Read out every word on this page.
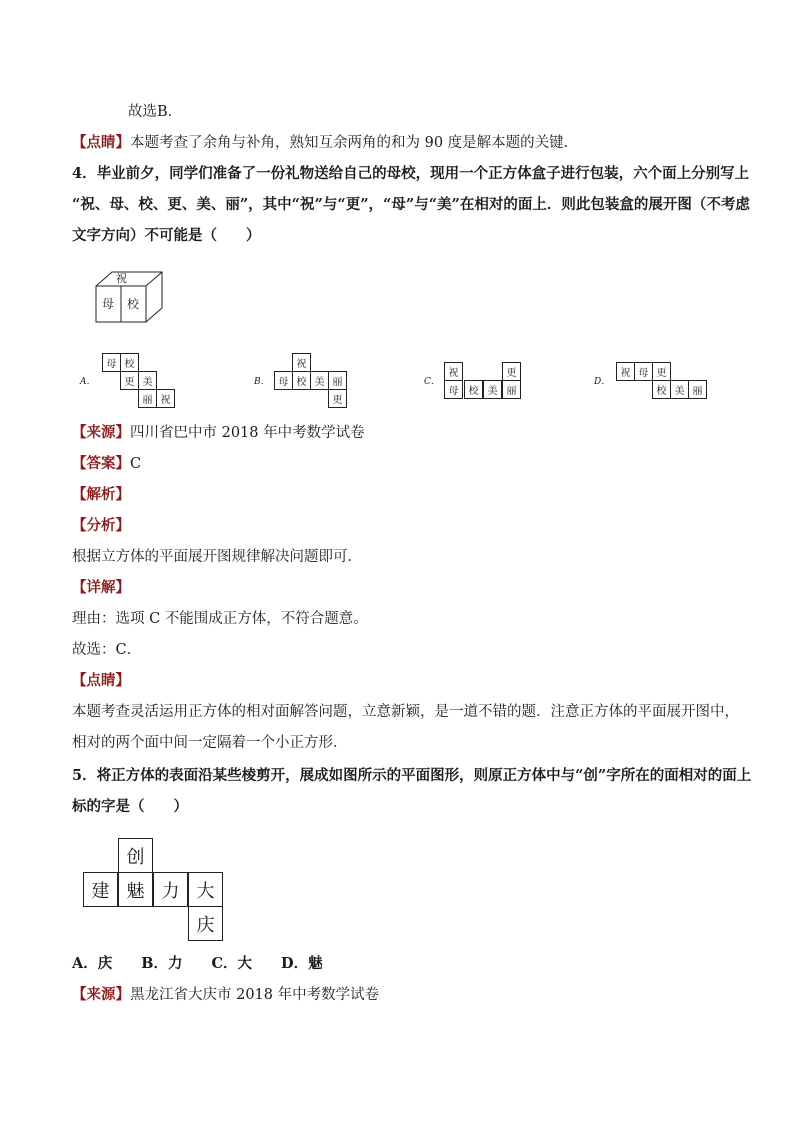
故选B．
【点睛】本题考查了余角与补角，熟知互余两角的和为 90 度是解本题的关键.
4．毕业前夕，同学们准备了一份礼物送给自己的母校，现用一个正方体盒子进行包装，六个面上分别写上
“祝、母、校、更、美、丽”，其中“祝”与“更”，“母”与“美”在相对的面上．则此包装盒的展开图（不考虑
文字方向）不可能是（　　）
祝
母 校
A．
母 校
更 美
丽 祝
B．
祝
母 校 美 丽
更
C．
祝	更
母	校 美 丽
D．
祝 母 更
校 美 丽
【来源】四川省巴中市 2018 年中考数学试卷
【答案】C
【解析】
【分析】
根据立方体的平面展开图规律解决问题即可．
【详解】
理由：选项 C 不能围成正方体，不符合题意。
故选：C．
【点睛】
本题考查灵活运用正方体的相对面解答问题，立意新颖，是一道不错的题．注意正方体的平面展开图中，
相对的两个面中间一定隔着一个小正方形．
5．将正方体的表面沿某些棱剪开，展成如图所示的平面图形，则原正方体中与“创”字所在的面相对的面上
标的字是（　　）
创
建 魅 力 大
庆
A．庆　　B．力　　C．大　　D．魅
【来源】黑龙江省大庆市 2018 年中考数学试卷
